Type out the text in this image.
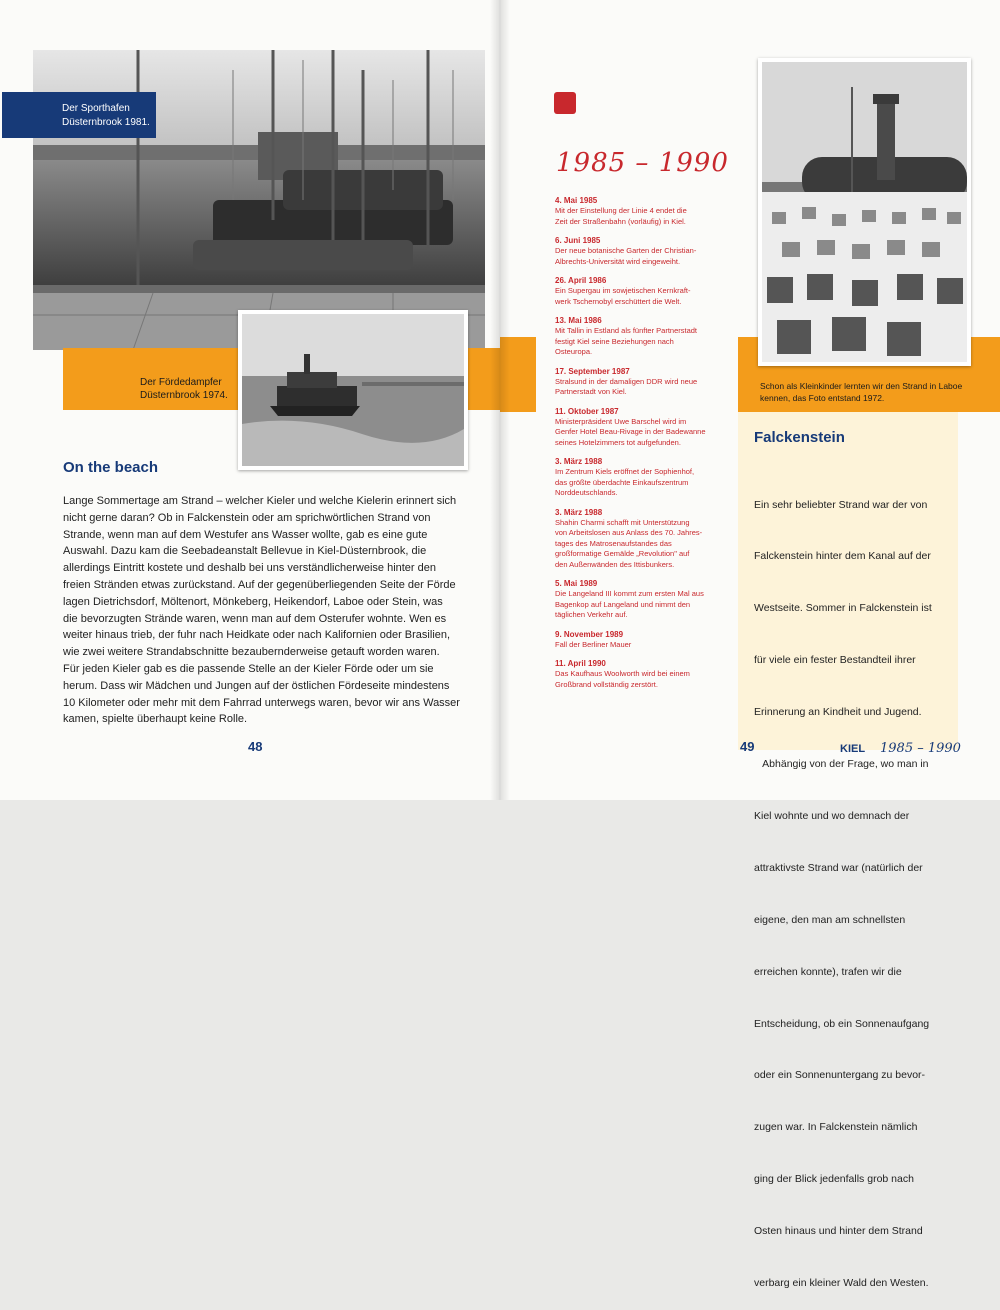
Der Sporthafen Düsternbrook 1981.
Der Fördedampfer Düsternbrook 1974.
On the beach
Lange Sommertage am Strand – welcher Kieler und welche Kielerin erinnert sich
nicht gerne daran? Ob in Falckenstein oder am sprichwörtlichen Strand von
Strande, wenn man auf dem Westufer ans Wasser wollte, gab es eine gute
Auswahl. Dazu kam die Seebadeanstalt Bellevue in Kiel-Düsternbrook, die
allerdings Eintritt kostete und deshalb bei uns verständlicherweise hinter den
freien Stränden etwas zurückstand. Auf der gegenüberliegenden Seite der Förde
lagen Dietrichsdorf, Möltenort, Mönkeberg, Heikendorf, Laboe oder Stein, was
die bevorzugten Strände waren, wenn man auf dem Osterufer wohnte. Wen es
weiter hinaus trieb, der fuhr nach Heidkate oder nach Kalifornien oder Brasilien,
wie zwei weitere Strandabschnitte bezaubernderweise getauft worden waren.
Für jeden Kieler gab es die passende Stelle an der Kieler Förde oder um sie
herum. Dass wir Mädchen und Jungen auf der östlichen Fördeseite mindestens
10 Kilometer oder mehr mit dem Fahrrad unterwegs waren, bevor wir ans Wasser
kamen, spielte überhaupt keine Rolle.
48
1985 – 1990
4. Mai 1985
Mit der Einstellung der Linie 4 endet die
Zeit der Straßenbahn (vorläufig) in Kiel.
6. Juni 1985
Der neue botanische Garten der Christian-
Albrechts-Universität wird eingeweiht.
26. April 1986
Ein Supergau im sowjetischen Kernkraft-
werk Tschernobyl erschüttert die Welt.
13. Mai 1986
Mit Tallin in Estland als fünfter Partnerstadt
festigt Kiel seine Beziehungen nach
Osteuropa.
17. September 1987
Stralsund in der damaligen DDR wird neue
Partnerstadt von Kiel.
11. Oktober 1987
Ministerpräsident Uwe Barschel wird im
Genfer Hotel Beau-Rivage in der Badewanne
seines Hotelzimmers tot aufgefunden.
3. März 1988
Im Zentrum Kiels eröffnet der Sophienhof,
das größte überdachte Einkaufszentrum
Norddeutschlands.
3. März 1988
Shahin Charmi schafft mit Unterstützung
von Arbeitslosen aus Anlass des 70. Jahres-
tages des Matrosenaufstandes das
großformatige Gemälde „Revolution" auf
den Außenwänden des Ittisbunkers.
5. Mai 1989
Die Langeland III kommt zum ersten Mal aus
Bagenkop auf Langeland und nimmt den
täglichen Verkehr auf.
9. November 1989
Fall der Berliner Mauer
11. April 1990
Das Kaufhaus Woolworth wird bei einem
Großbrand vollständig zerstört.
Schon als Kleinkinder lernten wir den Strand in Laboe kennen, das Foto entstand 1972.
Falckenstein

Ein sehr beliebter Strand war der von

Falckenstein hinter dem Kanal auf der

Westseite. Sommer in Falckenstein ist

für viele ein fester Bestandteil ihrer

Erinnerung an Kindheit und Jugend.

Abhängig von der Frage, wo man in

Kiel wohnte und wo demnach der

attraktivste Strand war (natürlich der

eigene, den man am schnellsten

erreichen konnte), trafen wir die

Entscheidung, ob ein Sonnenaufgang

oder ein Sonnenuntergang zu bevor-

zugen war. In Falckenstein nämlich

ging der Blick jedenfalls grob nach

Osten hinaus und hinter dem Strand

verbarg ein kleiner Wald den Westen.

49	KIEL 1985 – 1990
